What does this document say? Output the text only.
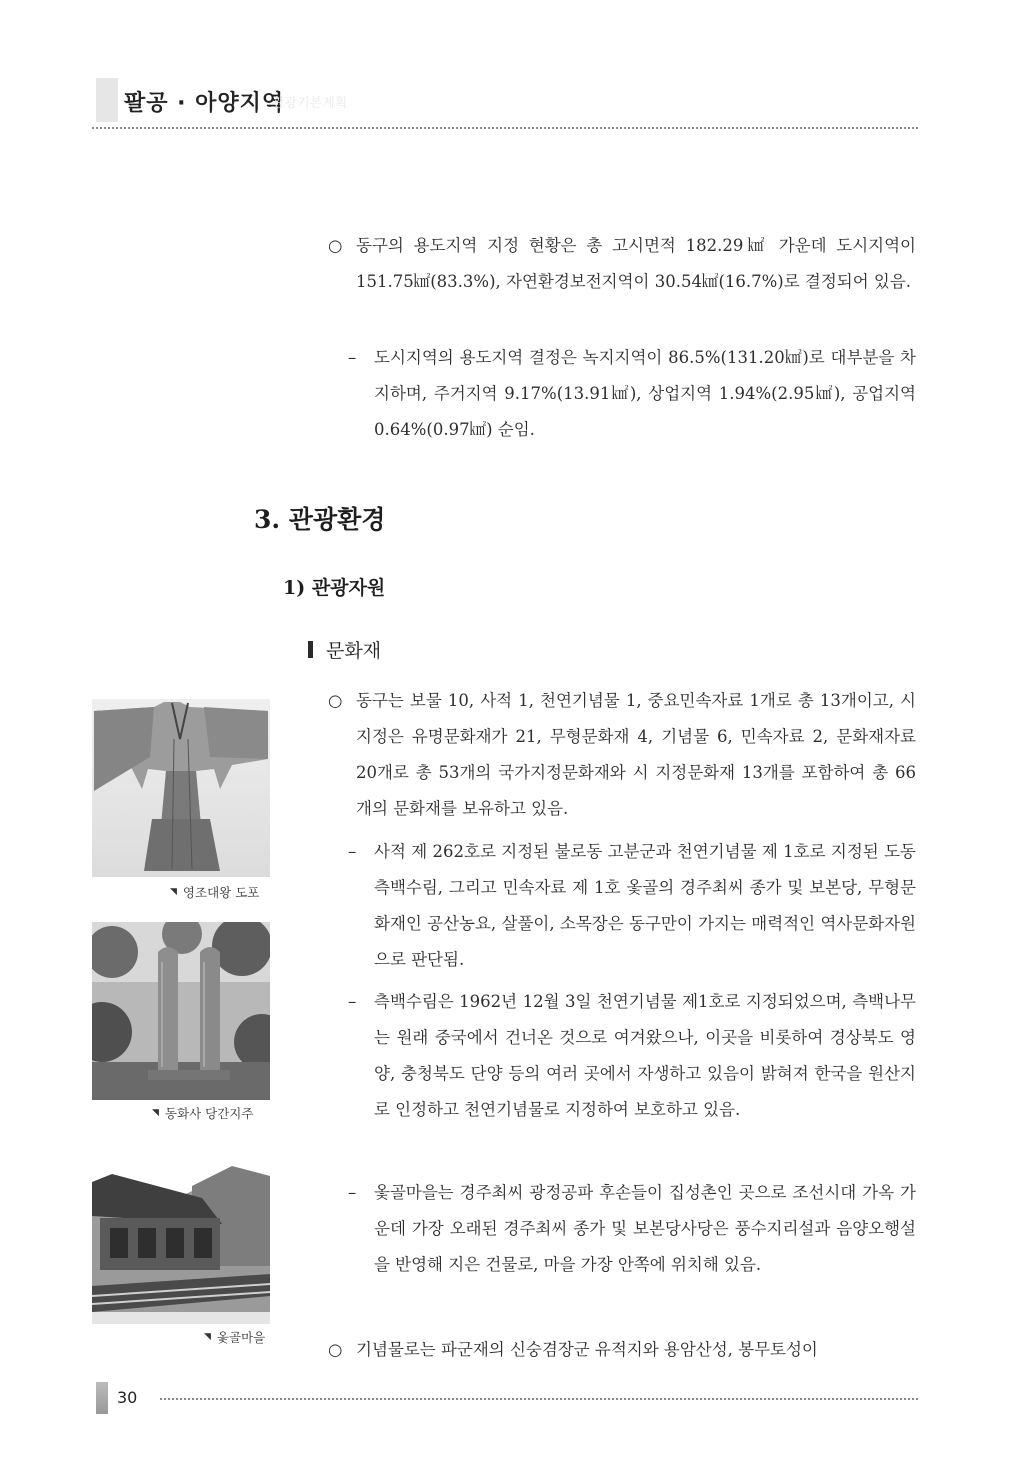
팔공 · 아양지역
관광기본계획

○ 동구의 용도지역 지정 현황은 총 고시면적 182.29㎢ 가운데 도시지역이 151.75㎢(83.3%), 자연환경보전지역이 30.54㎢(16.7%)로 결정되어 있음.

– 도시지역의 용도지역 결정은 녹지지역이 86.5%(131.20㎢)로 대부분을 차지하며, 주거지역 9.17%(13.91㎢), 상업지역 1.94%(2.95㎢), 공업지역 0.64%(0.97㎢) 순임.

3. 관광환경
1) 관광자원
문화재

○ 동구는 보물 10, 사적 1, 천연기념물 1, 중요민속자료 1개로 총 13개이고, 시 지정은 유명문화재가 21, 무형문화재 4, 기념물 6, 민속자료 2, 문화재자료 20개로 총 53개의 국가지정문화재와 시 지정문화재 13개를 포함하여 총 66개의 문화재를 보유하고 있음.

– 사적 제 262호로 지정된 불로동 고분군과 천연기념물 제 1호로 지정된 도동 측백수림, 그리고 민속자료 제 1호 옻골의 경주최씨 종가 및 보본당, 무형문화재인 공산농요, 살풀이, 소목장은 동구만이 가지는 매력적인 역사문화자원으로 판단됨.

– 측백수림은 1962년 12월 3일 천연기념물 제1호로 지정되었으며, 측백나무는 원래 중국에서 건너온 것으로 여겨왔으나, 이곳을 비롯하여 경상북도 영양, 충청북도 단양 등의 여러 곳에서 자생하고 있음이 밝혀져 한국을 원산지로 인정하고 천연기념물로 지정하여 보호하고 있음.

– 옻골마을는 경주최씨 광정공파 후손들이 집성촌인 곳으로 조선시대 가옥 가운데 가장 오래된 경주최씨 종가 및 보본당사당은 풍수지리설과 음양오행설을 반영해 지은 건물로, 마을 가장 안쪽에 위치해 있음.

○ 기념물로는 파군재의 신숭겸장군 유적지와 용암산성, 봉무토성이

◥ 영조대왕 도포
◥ 동화사 당간지주
◥ 옻골마을
30
